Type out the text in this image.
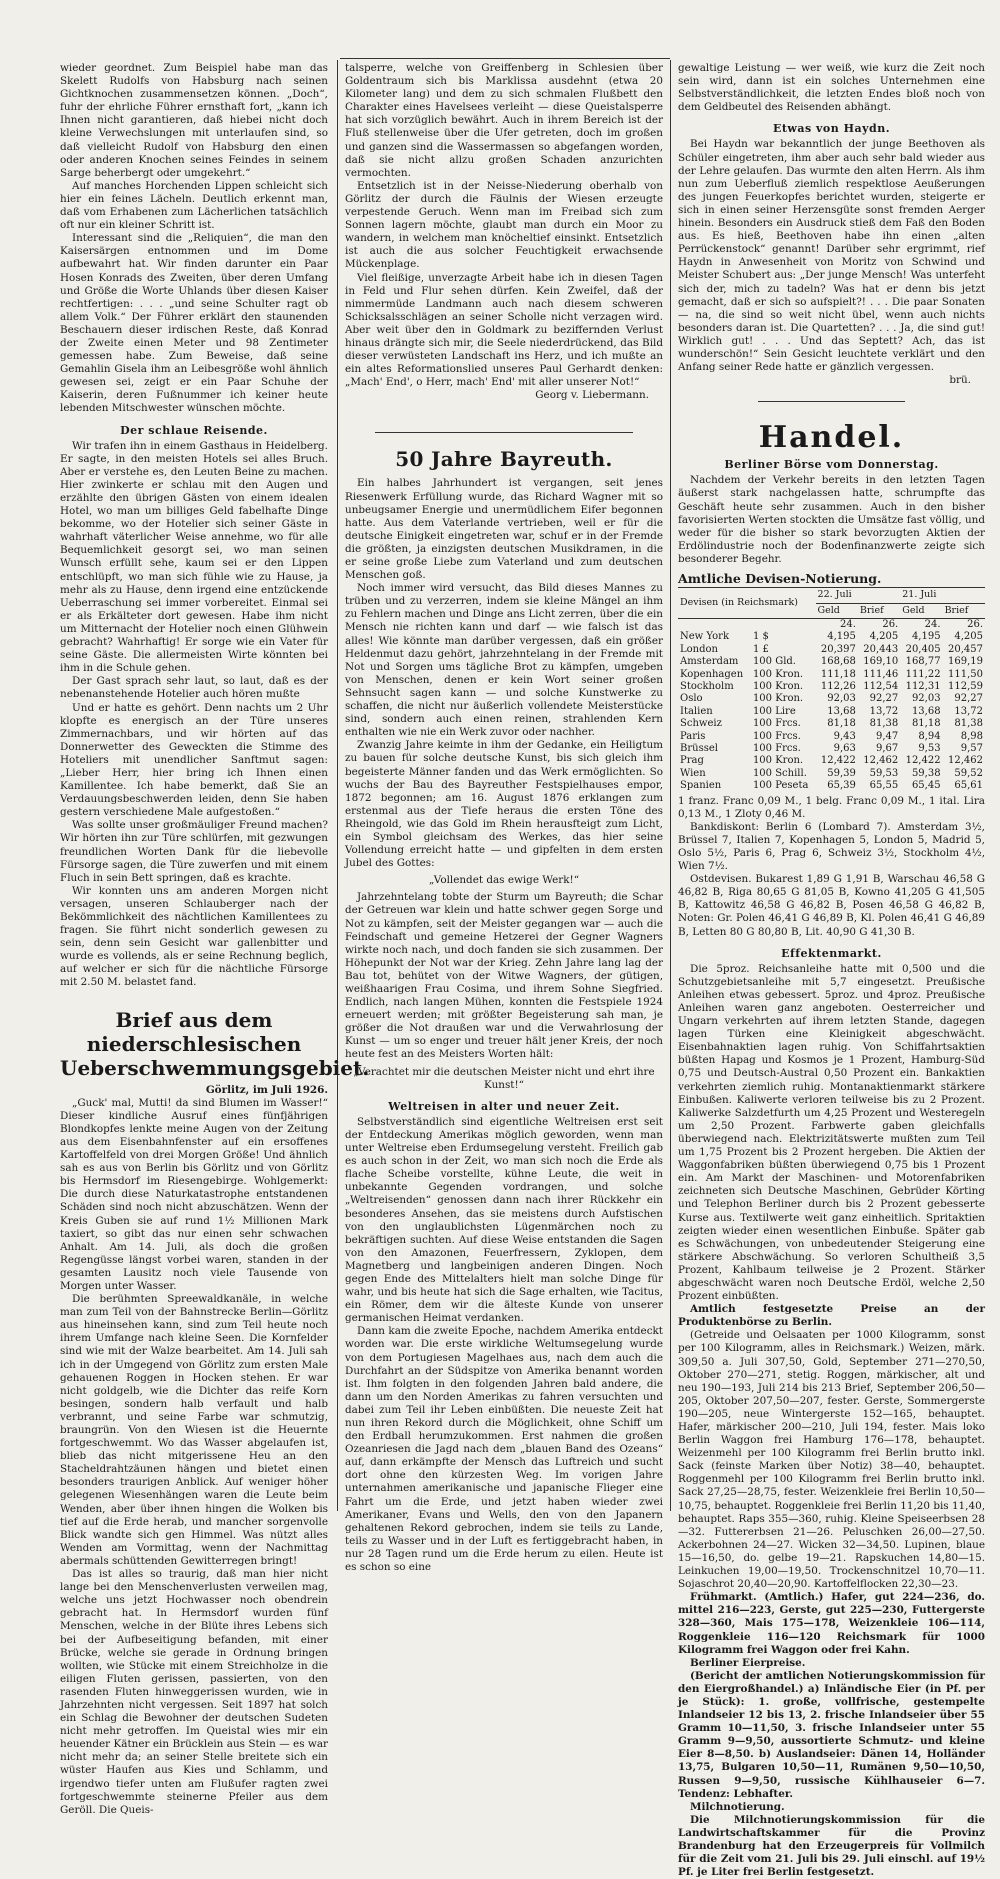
wieder geordnet. Zum Beispiel habe man das Skelett Rudolfs von Habsburg nach seinen Gichtknochen zusammensetzen können. „Doch“, fuhr der ehrliche Führer ernsthaft fort, „kann ich Ihnen nicht garantieren, daß hiebei nicht doch kleine Verwechslungen mit unterlaufen sind, so daß vielleicht Rudolf von Habsburg den einen oder anderen Knochen seines Feindes in seinem Sarge beherbergt oder umgekehrt.“

Auf manches Horchenden Lippen schleicht sich hier ein feines Lächeln. Deutlich erkennt man, daß vom Erhabenen zum Lächerlichen tatsächlich oft nur ein kleiner Schritt ist.

Interessant sind die „Reliquien“, die man den Kaisersärgen entnommen und im Dome aufbewahrt hat. Wir finden darunter ein Paar Hosen Konrads des Zweiten, über deren Umfang und Größe die Worte Uhlands über diesen Kaiser rechtfertigen: . . . „und seine Schulter ragt ob allem Volk.“ Der Führer erklärt den staunenden Beschauern dieser irdischen Reste, daß Konrad der Zweite einen Meter und 98 Zentimeter gemessen habe. Zum Beweise, daß seine Gemahlin Gisela ihm an Leibesgröße wohl ähnlich gewesen sei, zeigt er ein Paar Schuhe der Kaiserin, deren Fußnummer ich keiner heute lebenden Mitschwester wünschen möchte.

Der schlaue Reisende.

Wir trafen ihn in einem Gasthaus in Heidelberg. Er sagte, in den meisten Hotels sei alles Bruch. Aber er verstehe es, den Leuten Beine zu machen. Hier zwinkerte er schlau mit den Augen und erzählte den übrigen Gästen von einem idealen Hotel, wo man um billiges Geld fabelhafte Dinge bekomme, wo der Hotelier sich seiner Gäste in wahrhaft väterlicher Weise annehme, wo für alle Bequemlichkeit gesorgt sei, wo man seinen Wunsch erfüllt sehe, kaum sei er den Lippen entschlüpft, wo man sich fühle wie zu Hause, ja mehr als zu Hause, denn irgend eine entzückende Ueberraschung sei immer vorbereitet. Einmal sei er als Erkälteter dort gewesen. Habe ihm nicht um Mitternacht der Hotelier noch einen Glühwein gebracht? Wahrhaftig! Er sorge wie ein Vater für seine Gäste. Die allermeisten Wirte könnten bei ihm in die Schule gehen.

Der Gast sprach sehr laut, so laut, daß es der nebenanstehende Hotelier auch hören mußte

Und er hatte es gehört. Denn nachts um 2 Uhr klopfte es energisch an der Türe unseres Zimmernachbars, und wir hörten auf das Donnerwetter des Geweckten die Stimme des Hoteliers mit unendlicher Sanftmut sagen: „Lieber Herr, hier bring ich Ihnen einen Kamillentee. Ich habe bemerkt, daß Sie an Verdauungsbeschwerden leiden, denn Sie haben gestern verschiedene Male aufgestoßen.“

Was sollte unser großmäuliger Freund machen? Wir hörten ihn zur Türe schlürfen, mit gezwungen freundlichen Worten Dank für die liebevolle Fürsorge sagen, die Türe zuwerfen und mit einem Fluch in sein Bett springen, daß es krachte.

Wir konnten uns am anderen Morgen nicht versagen, unseren Schlauberger nach der Bekömmlichkeit des nächtlichen Kamillentees zu fragen. Sie führt nicht sonderlich gewesen zu sein, denn sein Gesicht war gallenbitter und wurde es vollends, als er seine Rechnung beglich, auf welcher er sich für die nächtliche Fürsorge mit 2.50 M. belastet fand.

Brief aus dem niederschlesischen Ueberschwemmungsgebiet.
Görlitz, im Juli 1926.

„Guck' mal, Mutti! da sind Blumen im Wasser!“ Dieser kindliche Ausruf eines fünfjährigen Blondkopfes lenkte meine Augen von der Zeitung aus dem Eisenbahnfenster auf ein ersoffenes Kartoffelfeld von drei Morgen Größe! Und ähnlich sah es aus von Berlin bis Görlitz und von Görlitz bis Hermsdorf im Riesengebirge. Wohlgemerkt: Die durch diese Naturkatastrophe entstandenen Schäden sind noch nicht abzuschätzen. Wenn der Kreis Guben sie auf rund 1½ Millionen Mark taxiert, so gibt das nur einen sehr schwachen Anhalt. Am 14. Juli, als doch die großen Regengüsse längst vorbei waren, standen in der gesamten Lausitz noch viele Tausende von Morgen unter Wasser.

Die berühmten Spreewaldkanäle, in welche man zum Teil von der Bahnstrecke Berlin—Görlitz aus hineinsehen kann, sind zum Teil heute noch ihrem Umfange nach kleine Seen. Die Kornfelder sind wie mit der Walze bearbeitet. Am 14. Juli sah ich in der Umgegend von Görlitz zum ersten Male gehauenen Roggen in Hocken stehen. Er war nicht goldgelb, wie die Dichter das reife Korn besingen, sondern halb verfault und halb verbrannt, und seine Farbe war schmutzig, braungrün. Von den Wiesen ist die Heuernte fortgeschwemmt. Wo das Wasser abgelaufen ist, blieb das nicht mitgerissene Heu an den Stacheldrahtzäunen hängen und bietet einen besonders traurigen Anblick. Auf weniger höher gelegenen Wiesenhängen waren die Leute beim Wenden, aber über ihnen hingen die Wolken bis tief auf die Erde herab, und mancher sorgenvolle Blick wandte sich gen Himmel. Was nützt alles Wenden am Vormittag, wenn der Nachmittag abermals schüttenden Gewitterregen bringt!

Das ist alles so traurig, daß man hier nicht lange bei den Menschenverlusten verweilen mag, welche uns jetzt Hochwasser noch obendrein gebracht hat. In Hermsdorf wurden fünf Menschen, welche in der Blüte ihres Lebens sich bei der Aufbeseitigung befanden, mit einer Brücke, welche sie gerade in Ordnung bringen wollten, wie Stücke mit einem Streichholze in die eiligen Fluten gerissen, passierten, von den rasenden Fluten hinweggerissen wurden, wie in Jahrzehnten nicht vergessen. Seit 1897 hat solch ein Schlag die Bewohner der deutschen Sudeten nicht mehr getroffen. Im Queistal wies mir ein heuender Kätner ein Brücklein aus Stein — es war nicht mehr da; an seiner Stelle breitete sich ein wüster Haufen aus Kies und Schlamm, und irgendwo tiefer unten am Flußufer ragten zwei fortgeschwemmte steinerne Pfeiler aus dem Geröll. Die Queis-

talsperre, welche von Greiffenberg in Schlesien über Goldentraum sich bis Marklissa ausdehnt (etwa 20 Kilometer lang) und dem zu sich schmalen Flußbett den Charakter eines Havelsees verleiht — diese Queistalsperre hat sich vorzüglich bewährt. Auch in ihrem Bereich ist der Fluß stellenweise über die Ufer getreten, doch im großen und ganzen sind die Wassermassen so abgefangen worden, daß sie nicht allzu großen Schaden anzurichten vermochten.

Entsetzlich ist in der Neisse-Niederung oberhalb von Görlitz der durch die Fäulnis der Wiesen erzeugte verpestende Geruch. Wenn man im Freibad sich zum Sonnen lagern möchte, glaubt man durch ein Moor zu wandern, in welchem man knöcheltief einsinkt. Entsetzlich ist auch die aus solcher Feuchtigkeit erwachsende Mückenplage.

Viel fleißige, unverzagte Arbeit habe ich in diesen Tagen in Feld und Flur sehen dürfen. Kein Zweifel, daß der nimmermüde Landmann auch nach diesem schweren Schicksalsschlägen an seiner Scholle nicht verzagen wird. Aber weit über den in Goldmark zu beziffernden Verlust hinaus drängte sich mir, die Seele niederdrückend, das Bild dieser verwüsteten Landschaft ins Herz, und ich mußte an ein altes Reformationslied unseres Paul Gerhardt denken: „Mach' End', o Herr, mach' End' mit aller unserer Not!“

Georg v. Liebermann.
50 Jahre Bayreuth.

Ein halbes Jahrhundert ist vergangen, seit jenes Riesenwerk Erfüllung wurde, das Richard Wagner mit so unbeugsamer Energie und unermüdlichem Eifer begonnen hatte. Aus dem Vaterlande vertrieben, weil er für die deutsche Einigkeit eingetreten war, schuf er in der Fremde die größten, ja einzigsten deutschen Musikdramen, in die er seine große Liebe zum Vaterland und zum deutschen Menschen goß.

Noch immer wird versucht, das Bild dieses Mannes zu trüben und zu verzerren, indem sie kleine Mängel an ihm zu Fehlern machen und Dinge ans Licht zerren, über die ein Mensch nie richten kann und darf — wie falsch ist das alles! Wie könnte man darüber vergessen, daß ein größer Heldenmut dazu gehört, jahrzehntelang in der Fremde mit Not und Sorgen ums tägliche Brot zu kämpfen, umgeben von Menschen, denen er kein Wort seiner großen Sehnsucht sagen kann — und solche Kunstwerke zu schaffen, die nicht nur äußerlich vollendete Meisterstücke sind, sondern auch einen reinen, strahlenden Kern enthalten wie nie ein Werk zuvor oder nachher.

Zwanzig Jahre keimte in ihm der Gedanke, ein Heiligtum zu bauen für solche deutsche Kunst, bis sich gleich ihm begeisterte Männer fanden und das Werk ermöglichten. So wuchs der Bau des Bayreuther Festspielhauses empor, 1872 begonnen; am 16. August 1876 erklangen zum erstenmal aus der Tiefe heraus die ersten Töne des Rheingold, wie das Gold im Rhein herausfteigt zum Licht, ein Symbol gleichsam des Werkes, das hier seine Vollendung erreicht hatte — und gipfelten in dem ersten Jubel des Gottes:

„Vollendet das ewige Werk!“

Jahrzehntelang tobte der Sturm um Bayreuth; die Schar der Getreuen war klein und hatte schwer gegen Sorge und Not zu kämpfen, seit der Meister gegangen war — auch die Feindschaft und gemeine Hetzerei der Gegner Wagners wirkte noch nach, und doch fanden sie sich zusammen. Der Höhepunkt der Not war der Krieg. Zehn Jahre lang lag der Bau tot, behütet von der Witwe Wagners, der gütigen, weißhaarigen Frau Cosima, und ihrem Sohne Siegfried. Endlich, nach langen Mühen, konnten die Festspiele 1924 erneuert werden; mit größter Begeisterung sah man, je größer die Not draußen war und die Verwahrlosung der Kunst — um so enger und treuer hält jener Kreis, der noch heute fest an des Meisters Worten hält:

„Verachtet mir die deutschen Meister nicht und ehrt ihre Kunst!“
Weltreisen in alter und neuer Zeit.

Selbstverständlich sind eigentliche Weltreisen erst seit der Entdeckung Amerikas möglich geworden, wenn man unter Weltreise eben Erdumsegelung versteht. Freilich gab es auch schon in der Zeit, wo man sich noch die Erde als flache Scheibe vorstellte, kühne Leute, die weit in unbekannte Gegenden vordrangen, und solche „Weltreisenden“ genossen dann nach ihrer Rückkehr ein besonderes Ansehen, das sie meistens durch Aufstischen von den unglaublichsten Lügenmärchen noch zu bekräftigen suchten. Auf diese Weise entstanden die Sagen von den Amazonen, Feuerfressern, Zyklopen, dem Magnetberg und langbeinigen anderen Dingen. Noch gegen Ende des Mittelalters hielt man solche Dinge für wahr, und bis heute hat sich die Sage erhalten, wie Tacitus, ein Römer, dem wir die älteste Kunde von unserer germanischen Heimat verdanken.

Dann kam die zweite Epoche, nachdem Amerika entdeckt worden war. Die erste wirkliche Weltumsegelung wurde von dem Portugiesen Magelhaes aus, nach dem auch die Durchfahrt an der Südspitze von Amerika benannt worden ist. Ihm folgten in den folgenden Jahren bald andere, die dann um den Norden Amerikas zu fahren versuchten und dabei zum Teil ihr Leben einbüßten. Die neueste Zeit hat nun ihren Rekord durch die Möglichkeit, ohne Schiff um den Erdball herumzukommen. Erst nahmen die großen Ozeanriesen die Jagd nach dem „blauen Band des Ozeans“ auf, dann erkämpfte der Mensch das Luftreich und sucht dort ohne den kürzesten Weg. Im vorigen Jahre unternahmen amerikanische und japanische Flieger eine Fahrt um die Erde, und jetzt haben wieder zwei Amerikaner, Evans und Wells, den von den Japanern gehaltenen Rekord gebrochen, indem sie teils zu Lande, teils zu Wasser und in der Luft es fertiggebracht haben, in nur 28 Tagen rund um die Erde herum zu eilen. Heute ist es schon so eine

gewaltige Leistung — wer weiß, wie kurz die Zeit noch sein wird, dann ist ein solches Unternehmen eine Selbstverständlichkeit, die letzten Endes bloß noch von dem Geldbeutel des Reisenden abhängt.

Etwas von Haydn.

Bei Haydn war bekanntlich der junge Beethoven als Schüler eingetreten, ihm aber auch sehr bald wieder aus der Lehre gelaufen. Das wurmte den alten Herrn. Als ihm nun zum Ueberfluß ziemlich respektlose Aeußerungen des jungen Feuerkopfes berichtet wurden, steigerte er sich in einen seiner Herzensgüte sonst fremden Aerger hinein. Besonders ein Ausdruck stieß dem Faß den Boden aus. Es hieß, Beethoven habe ihn einen „alten Perrückenstock“ genannt! Darüber sehr ergrimmt, rief Haydn in Anwesenheit von Moritz von Schwind und Meister Schubert aus: „Der junge Mensch! Was unterfeht sich der, mich zu tadeln? Was hat er denn bis jetzt gemacht, daß er sich so aufspielt?! . . . Die paar Sonaten — na, die sind so weit nicht übel, wenn auch nichts besonders daran ist. Die Quartetten? . . . Ja, die sind gut! Wirklich gut! . . . Und das Septett? Ach, das ist wunderschön!“ Sein Gesicht leuchtete verklärt und den Anfang seiner Rede hatte er gänzlich vergessen.

brü.
Handel.
Berliner Börse vom Donnerstag.

Nachdem der Verkehr bereits in den letzten Tagen äußerst stark nachgelassen hatte, schrumpfte das Geschäft heute sehr zusammen. Auch in den bisher favorisierten Werten stockten die Umsätze fast völlig, und weder für die bisher so stark bevorzugten Aktien der Erdölindustrie noch der Bodenfinanzwerte zeigte sich besonderer Begehr.

Amtliche Devisen-Notierung.
Devisen (in Reichsmark)		22. Juli		21. Juli	
		Geld	Brief	Geld	Brief
		24.	26.	24.	26.
New York	1 $	4,195	4,205	4,195	4,205
London	1 £	20,397	20,443	20,405	20,457
Amsterdam	100 Gld.	168,68	169,10	168,77	169,19
Kopenhagen	100 Kron.	111,18	111,46	111,22	111,50
Stockholm	100 Kron.	112,26	112,54	112,31	112,59
Oslo	100 Kron.	92,03	92,27	92,03	92,27
Italien	100 Lire	13,68	13,72	13,68	13,72
Schweiz	100 Frcs.	81,18	81,38	81,18	81,38
Paris	100 Frcs.	9,43	9,47	8,94	8,98
Brüssel	100 Frcs.	9,63	9,67	9,53	9,57
Prag	100 Kron.	12,422	12,462	12,422	12,462
Wien	100 Schill.	59,39	59,53	59,38	59,52
Spanien	100 Peseta	65,39	65,55	65,45	65,61

1 franz. Franc 0,09 M., 1 belg. Franc 0,09 M., 1 ital. Lira 0,13 M., 1 Zloty 0,46 M.

Bankdiskont: Berlin 6 (Lombard 7). Amsterdam 3½, Brüssel 7, Italien 7, Kopenhagen 5, London 5, Madrid 5, Oslo 5½, Paris 6, Prag 6, Schweiz 3½, Stockholm 4½, Wien 7½.

Ostdevisen. Bukarest 1,89 G 1,91 B, Warschau 46,58 G 46,82 B, Riga 80,65 G 81,05 B, Kowno 41,205 G 41,505 B, Kattowitz 46,58 G 46,82 B, Posen 46,58 G 46,82 B, Noten: Gr. Polen 46,41 G 46,89 B, Kl. Polen 46,41 G 46,89 B, Letten 80 G 80,80 B, Lit. 40,90 G 41,30 B.

Effektenmarkt.

Die 5proz. Reichsanleihe hatte mit 0,500 und die Schutzgebietsanleihe mit 5,7 eingesetzt. Preußische Anleihen etwas gebessert. 5proz. und 4proz. Preußische Anleihen waren ganz angeboten. Oesterreicher und Ungarn verkehrten auf ihrem letzten Stande, dagegen lagen Türken eine Kleinigkeit abgeschwächt. Eisenbahnaktien lagen ruhig. Von Schiffahrtsaktien büßten Hapag und Kosmos je 1 Prozent, Hamburg-Süd 0,75 und Deutsch-Austral 0,50 Prozent ein. Bankaktien verkehrten ziemlich ruhig. Montanaktienmarkt stärkere Einbußen. Kaliwerte verloren teilweise bis zu 2 Prozent. Kaliwerke Salzdetfurth um 4,25 Prozent und Westeregeln um 2,50 Prozent. Farbwerte gaben gleichfalls überwiegend nach. Elektrizitätswerte mußten zum Teil um 1,75 Prozent bis 2 Prozent hergeben. Die Aktien der Waggonfabriken büßten überwiegend 0,75 bis 1 Prozent ein. Am Markt der Maschinen- und Motorenfabriken zeichneten sich Deutsche Maschinen, Gebrüder Körting und Telephon Berliner durch bis 2 Prozent gebesserte Kurse aus. Textilwerte weit ganz einheitlich. Spritaktien zeigten wieder einen wesentlichen Einbuße. Später gab es Schwächungen, von unbedeutender Steigerung eine stärkere Abschwächung. So verloren Schultheiß 3,5 Prozent, Kahlbaum teilweise je 2 Prozent. Stärker abgeschwächt waren noch Deutsche Erdöl, welche 2,50 Prozent einbüßten.

Amtlich festgesetzte Preise an der Produktenbörse zu Berlin.

(Getreide und Oelsaaten per 1000 Kilogramm, sonst per 100 Kilogramm, alles in Reichsmark.) Weizen, märk. 309,50 a. Juli 307,50, Gold, September 271—270,50, Oktober 270—271, stetig. Roggen, märkischer, alt und neu 190—193, Juli 214 bis 213 Brief, September 206,50—205, Oktober 207,50—207, fester. Gerste, Sommergerste 190—205, neue Wintergerste 152—165, behauptet. Hafer, märkischer 200—210, Juli 194, fester. Mais loko Berlin Waggon frei Hamburg 176—178, behauptet. Weizenmehl per 100 Kilogramm frei Berlin brutto inkl. Sack (feinste Marken über Notiz) 38—40, behauptet. Roggenmehl per 100 Kilogramm frei Berlin brutto inkl. Sack 27,25—28,75, fester. Weizenkleie frei Berlin 10,50—10,75, behauptet. Roggenkleie frei Berlin 11,20 bis 11,40, behauptet. Raps 355—360, ruhig. Kleine Speiseerbsen 28—32. Futtererbsen 21—26. Peluschken 26,00—27,50. Ackerbohnen 24—27. Wicken 32—34,50. Lupinen, blaue 15—16,50, do. gelbe 19—21. Rapskuchen 14,80—15. Leinkuchen 19,00—19,50. Trockenschnitzel 10,70—11. Sojaschrot 20,40—20,90. Kartoffelflocken 22,30—23.

Frühmarkt. (Amtlich.) Hafer, gut 224—236, do. mittel 216—223, Gerste, gut 225—230, Futtergerste 328—360, Mais 175—178, Weizenkleie 106—114, Roggenkleie 116—120 Reichsmark für 1000 Kilogramm frei Waggon oder frei Kahn.

Berliner Eierpreise.

(Bericht der amtlichen Notierungskommission für den Eiergroßhandel.) a) Inländische Eier (in Pf. per je Stück): 1. große, vollfrische, gestempelte Inlandseier 12 bis 13, 2. frische Inlandseier über 55 Gramm 10—11,50, 3. frische Inlandseier unter 55 Gramm 9—9,50, aussortierte Schmutz- und kleine Eier 8—8,50. b) Auslandseier: Dänen 14, Holländer 13,75, Bulgaren 10,50—11, Rumänen 9,50—10,50, Russen 9—9,50, russische Kühlhauseier 6—7. Tendenz: Lebhafter.

Milchnotierung.

Die Milchnotierungskommission für die Landwirtschaftskammer für die Provinz Brandenburg hat den Erzeugerpreis für Vollmilch für die Zeit vom 21. Juli bis 29. Juli einschl. auf 19½ Pf. je Liter frei Berlin festgesetzt.
